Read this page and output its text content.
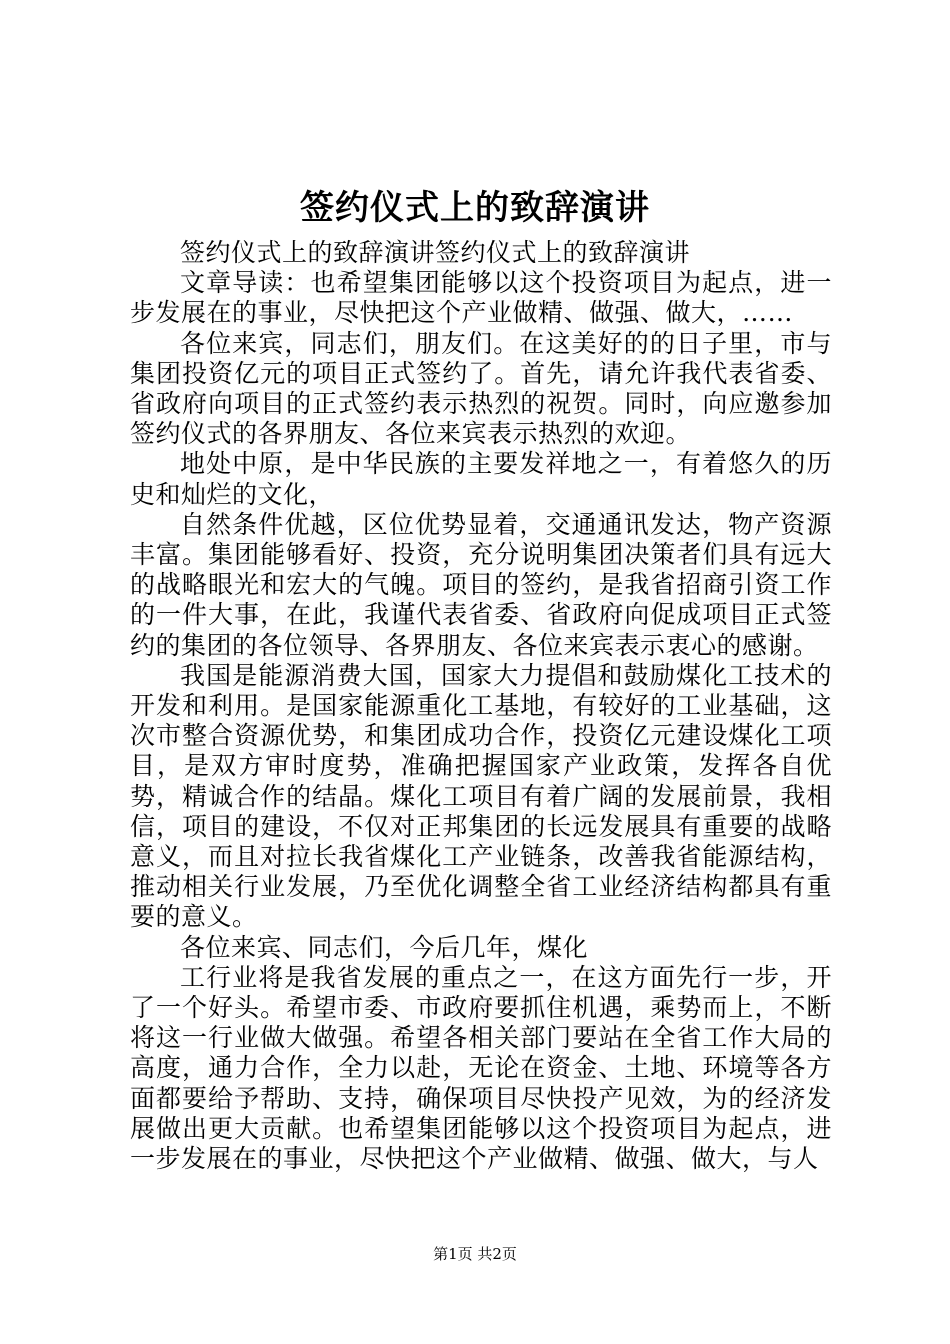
签约仪式上的致辞演讲

签约仪式上的致辞演讲签约仪式上的致辞演讲

文章导读：也希望集团能够以这个投资项目为起点，进一步发展在的事业，尽快把这个产业做精、做强、做大，……

各位来宾，同志们，朋友们。在这美好的的日子里，市与集团投资亿元的项目正式签约了。首先，请允许我代表省委、省政府向项目的正式签约表示热烈的祝贺。同时，向应邀参加签约仪式的各界朋友、各位来宾表示热烈的欢迎。

地处中原，是中华民族的主要发祥地之一，有着悠久的历史和灿烂的文化，

自然条件优越，区位优势显着，交通通讯发达，物产资源丰富。集团能够看好、投资，充分说明集团决策者们具有远大的战略眼光和宏大的气魄。项目的签约，是我省招商引资工作的一件大事，在此，我谨代表省委、省政府向促成项目正式签约的集团的各位领导、各界朋友、各位来宾表示衷心的感谢。

我国是能源消费大国，国家大力提倡和鼓励煤化工技术的开发和利用。是国家能源重化工基地，有较好的工业基础，这次市整合资源优势，和集团成功合作，投资亿元建设煤化工项目，是双方审时度势，准确把握国家产业政策，发挥各自优势，精诚合作的结晶。煤化工项目有着广阔的发展前景，我相信，项目的建设，不仅对正邦集团的长远发展具有重要的战略意义，而且对拉长我省煤化工产业链条，改善我省能源结构，推动相关行业发展，乃至优化调整全省工业经济结构都具有重要的意义。

各位来宾、同志们，今后几年，煤化

工行业将是我省发展的重点之一，在这方面先行一步，开了一个好头。希望市委、市政府要抓住机遇，乘势而上，不断将这一行业做大做强。希望各相关部门要站在全省工作大局的高度，通力合作，全力以赴，无论在资金、土地、环境等各方面都要给予帮助、支持，确保项目尽快投产见效，为的经济发展做出更大贡献。也希望集团能够以这个投资项目为起点，进一步发展在的事业，尽快把这个产业做精、做强、做大，与人

第1页 共2页
